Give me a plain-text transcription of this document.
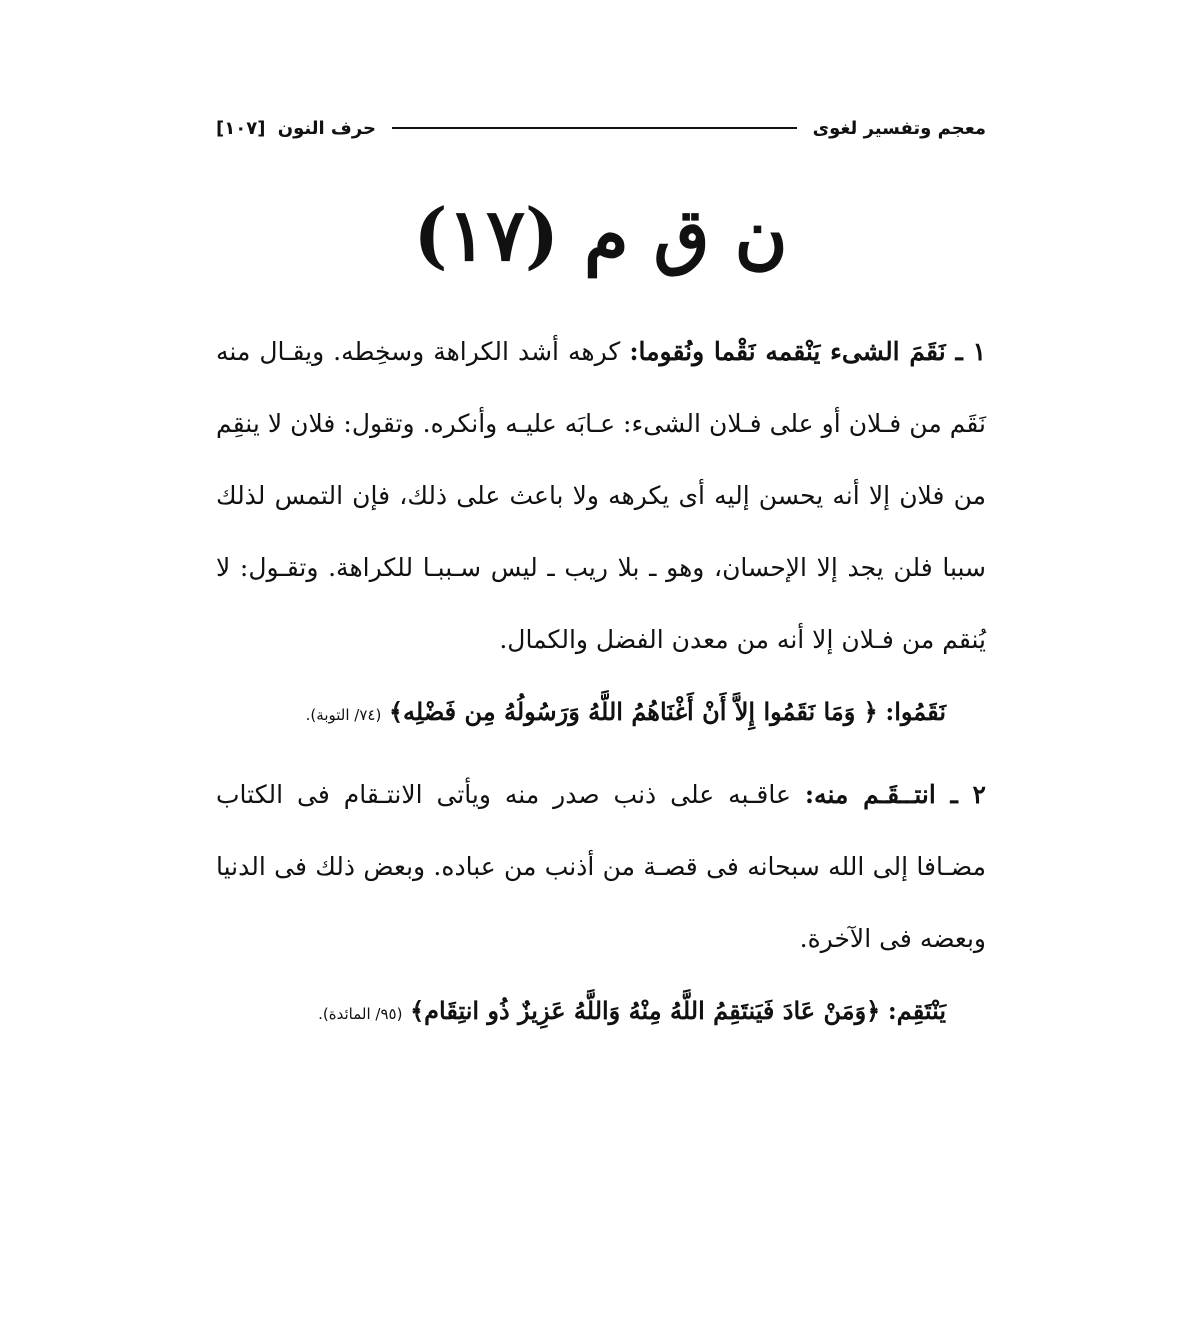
معجم وتفسير لغوى
حرف النون [١٠٧]
ن ق م (١٧)

١ ـ نَقَمَ الشىء يَنْقمه نَقْما ونُقوما: كرهه أشد الكراهة وسخِطه. ويقـال منه نَقَم من فـلان أو على فـلان الشىء: عـابَه عليـه وأنكره. وتقول: فلان لا ينقِم من فلان إلا أنه يحسن إليه أى يكرهه ولا باعث على ذلك، فإن التمس لذلك سببا فلن يجد إلا الإحسان، وهو ـ بلا ريب ـ ليس سـببـا للكراهة. وتقـول: لا يُنقم من فـلان إلا أنه من معدن الفضل والكمال.

نَقَمُوا: ﴿ وَمَا نَقَمُوا إِلاَّ أَنْ أَغْنَاهُمُ اللَّهُ وَرَسُولُهُ مِن فَضْلِه﴾ (٧٤/ التوبة).

٢ ـ انتــقَـم منه: عاقـبه على ذنب صدر منه ويأتى الانتـقام فى الكتاب مضـافا إلى الله سبحانه فى قصـة من أذنب من عباده. وبعض ذلك فى الدنيا وبعضه فى الآخرة.

يَنْتَقِم: ﴿وَمَنْ عَادَ فَيَنتَقِمُ اللَّهُ مِنْهُ وَاللَّهُ عَزِيزٌ ذُو انتِقَام﴾ (٩٥/ المائدة).
